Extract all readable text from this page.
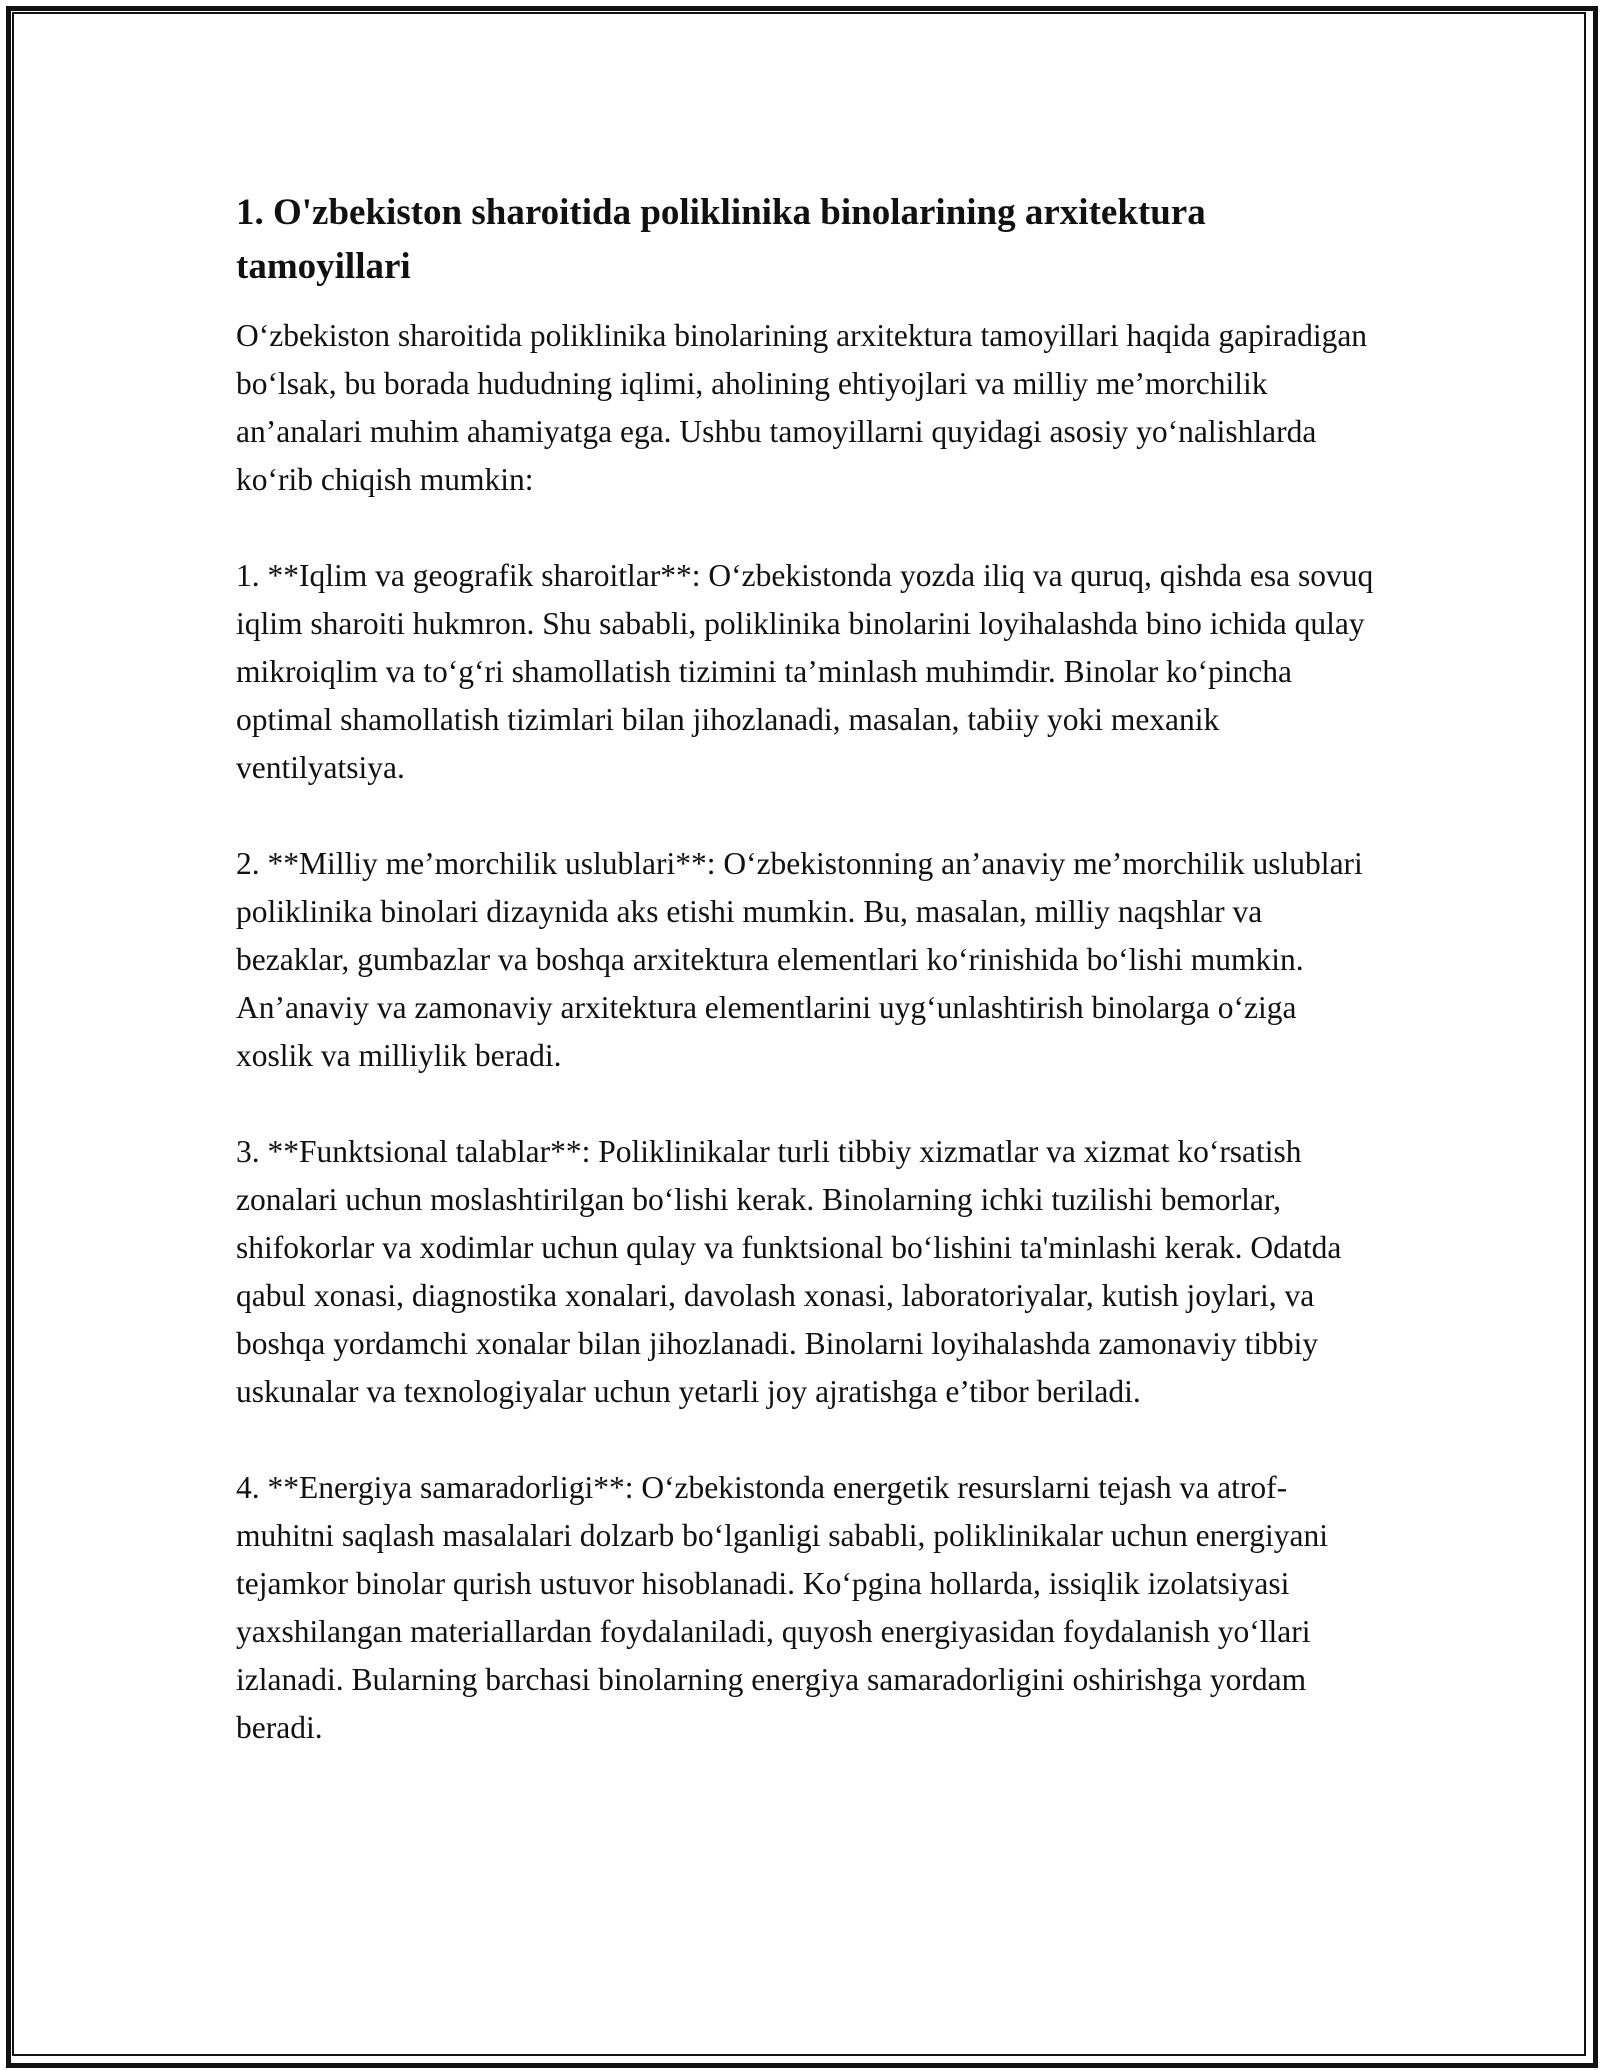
1. O'zbekiston sharoitida poliklinika binolarining arxitektura tamoyillari

O‘zbekiston sharoitida poliklinika binolarining arxitektura tamoyillari haqida gapiradigan bo‘lsak, bu borada hududning iqlimi, aholining ehtiyojlari va milliy me’morchilik an’analari muhim ahamiyatga ega. Ushbu tamoyillarni quyidagi asosiy yo‘nalishlarda ko‘rib chiqish mumkin:

1. **Iqlim va geografik sharoitlar**: O‘zbekistonda yozda iliq va quruq, qishda esa sovuq iqlim sharoiti hukmron. Shu sababli, poliklinika binolarini loyihalashda bino ichida qulay mikroiqlim va to‘g‘ri shamollatish tizimini ta’minlash muhimdir. Binolar ko‘pincha optimal shamollatish tizimlari bilan jihozlanadi, masalan, tabiiy yoki mexanik ventilyatsiya.

2. **Milliy me’morchilik uslublari**: O‘zbekistonning an’anaviy me’morchilik uslublari poliklinika binolari dizaynida aks etishi mumkin. Bu, masalan, milliy naqshlar va bezaklar, gumbazlar va boshqa arxitektura elementlari ko‘rinishida bo‘lishi mumkin. An’anaviy va zamonaviy arxitektura elementlarini uyg‘unlashtirish binolarga o‘ziga xoslik va milliylik beradi.

3. **Funktsional talablar**: Poliklinikalar turli tibbiy xizmatlar va xizmat ko‘rsatish zonalari uchun moslashtirilgan bo‘lishi kerak. Binolarning ichki tuzilishi bemorlar, shifokorlar va xodimlar uchun qulay va funktsional bo‘lishini ta'minlashi kerak. Odatda qabul xonasi, diagnostika xonalari, davolash xonasi, laboratoriyalar, kutish joylari, va boshqa yordamchi xonalar bilan jihozlanadi. Binolarni loyihalashda zamonaviy tibbiy uskunalar va texnologiyalar uchun yetarli joy ajratishga e’tibor beriladi.

4. **Energiya samaradorligi**: O‘zbekistonda energetik resurslarni tejash va atrof-muhitni saqlash masalalari dolzarb bo‘lganligi sababli, poliklinikalar uchun energiyani tejamkor binolar qurish ustuvor hisoblanadi. Ko‘pgina hollarda, issiqlik izolatsiyasi yaxshilangan materiallardan foydalaniladi, quyosh energiyasidan foydalanish yo‘llari izlanadi. Bularning barchasi binolarning energiya samaradorligini oshirishga yordam beradi.
